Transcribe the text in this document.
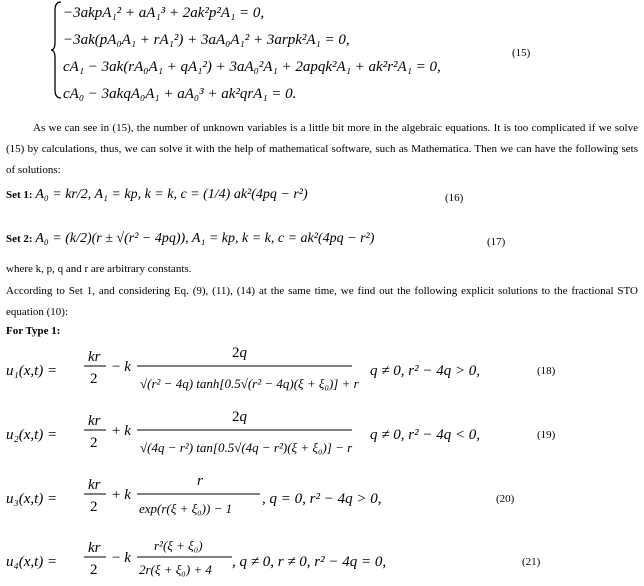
−3akpA₁² + aA₁³ + 2ak²p²A₁ = 0,
−3ak(pA₀A₁ + rA₁²) + 3aA₀A₁² + 3arpk²A₁ = 0,
cA₁ − 3ak(rA₀A₁ + qA₁²) + 3aA₀²A₁ + 2apqk²A₁ + ak²r²A₁ = 0,
cA₀ − 3akqA₀A₁ + aA₀³ + ak²qrA₁ = 0.
(15)
As we can see in (15), the number of unknown variables is a little bit more in the algebraic equations. It is too complicated if we solve (15) by calculations, thus, we can solve it with the help of mathematical software, such as Mathematica. Then we can have the following sets of solutions:
Set 1: A₀ = kr/2, A₁ = kp, k = k, c = (1/4) ak²(4pq − r²)	(16)
Set 2: A₀ = (k/2)(r ± √(r² − 4pq)), A₁ = kp, k = k, c = ak²(4pq − r²)	(17)
where k, p, q and r are arbitrary constants.
According to Set 1, and considering Eq. (9), (11), (14) at the same time, we find out the following explicit solutions to the fractional STO equation (10):
For Type 1:
u₁(x,t) =
kr
2
− k
2q
√(r² − 4q) tanh[0.5√(r² − 4q)(ξ + ξ₀)] + r
q ≠ 0, r² − 4q > 0,	(18)
u₂(x,t) =
kr
2
+ k
2q
√(4q − r²) tan[0.5√(4q − r²)(ξ + ξ₀)] − r
q ≠ 0, r² − 4q < 0,	(19)
u₃(x,t) =
kr
2
+ k
r
exp(r(ξ + ξ₀)) − 1
, q = 0, r² − 4q > 0,	(20)
u₄(x,t) =
kr
2
− k
r²(ξ + ξ₀)
2r(ξ + ξ₀) + 4 , q ≠ 0, r ≠ 0, r² − 4q = 0,	(21)
